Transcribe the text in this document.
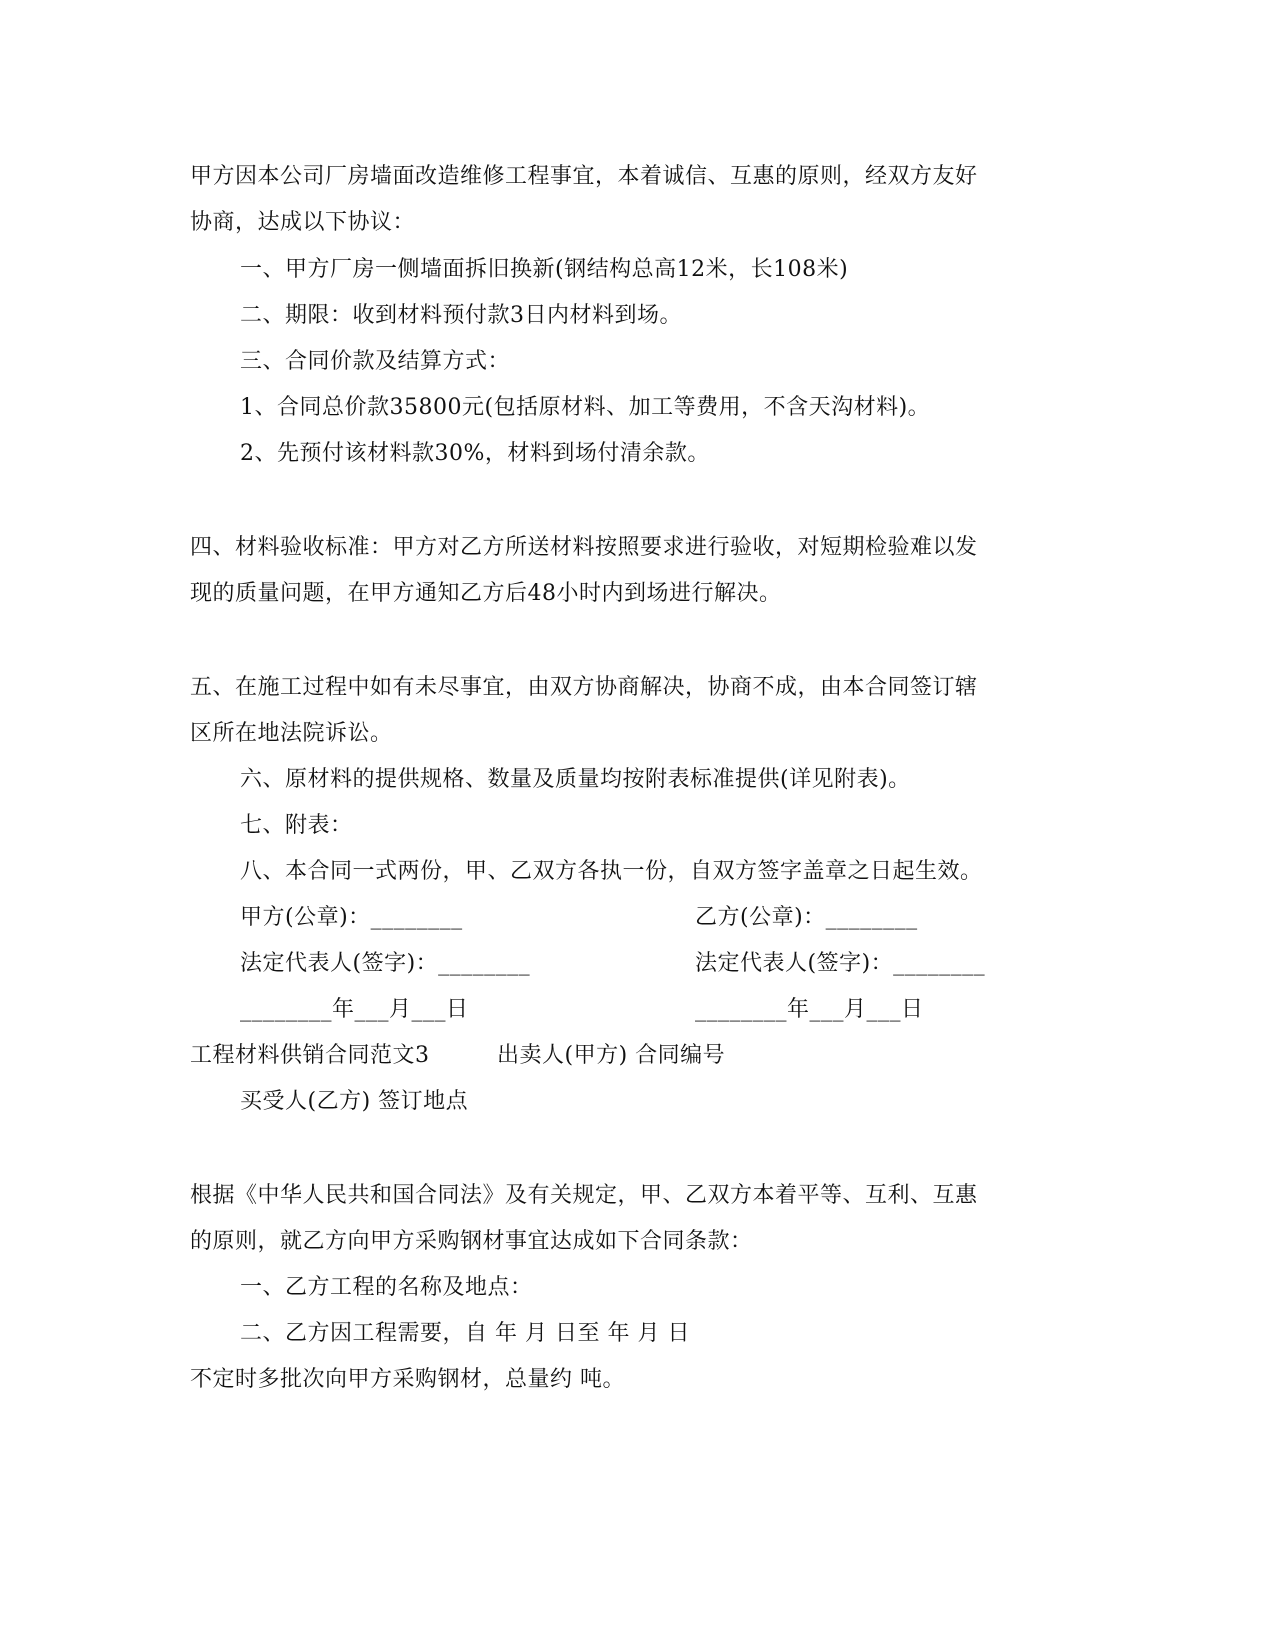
甲方因本公司厂房墙面改造维修工程事宜，本着诚信、互惠的原则，经双方友好
协商，达成以下协议：
一、甲方厂房一侧墙面拆旧换新(钢结构总高12米，长108米)
二、期限：收到材料预付款3日内材料到场。
三、合同价款及结算方式：
1、合同总价款35800元(包括原材料、加工等费用，不含天沟材料)。
2、先预付该材料款30%，材料到场付清余款。
四、材料验收标准：甲方对乙方所送材料按照要求进行验收，对短期检验难以发
现的质量问题，在甲方通知乙方后48小时内到场进行解决。
五、在施工过程中如有未尽事宜，由双方协商解决，协商不成，由本合同签订辖
区所在地法院诉讼。
六、原材料的提供规格、数量及质量均按附表标准提供(详见附表)。
七、附表：
八、本合同一式两份，甲、乙双方各执一份，自双方签字盖章之日起生效。
甲方(公章)：________	乙方(公章)：________
法定代表人(签字)：________	法定代表人(签字)：________
________年___月___日	________年___月___日
工程材料供销合同范文3	出卖人(甲方) 合同编号
买受人(乙方) 签订地点
根据《中华人民共和国合同法》及有关规定，甲、乙双方本着平等、互利、互惠
的原则，就乙方向甲方采购钢材事宜达成如下合同条款：
一、乙方工程的名称及地点：
二、乙方因工程需要，自 年 月 日至 年 月 日
不定时多批次向甲方采购钢材，总量约 吨。
